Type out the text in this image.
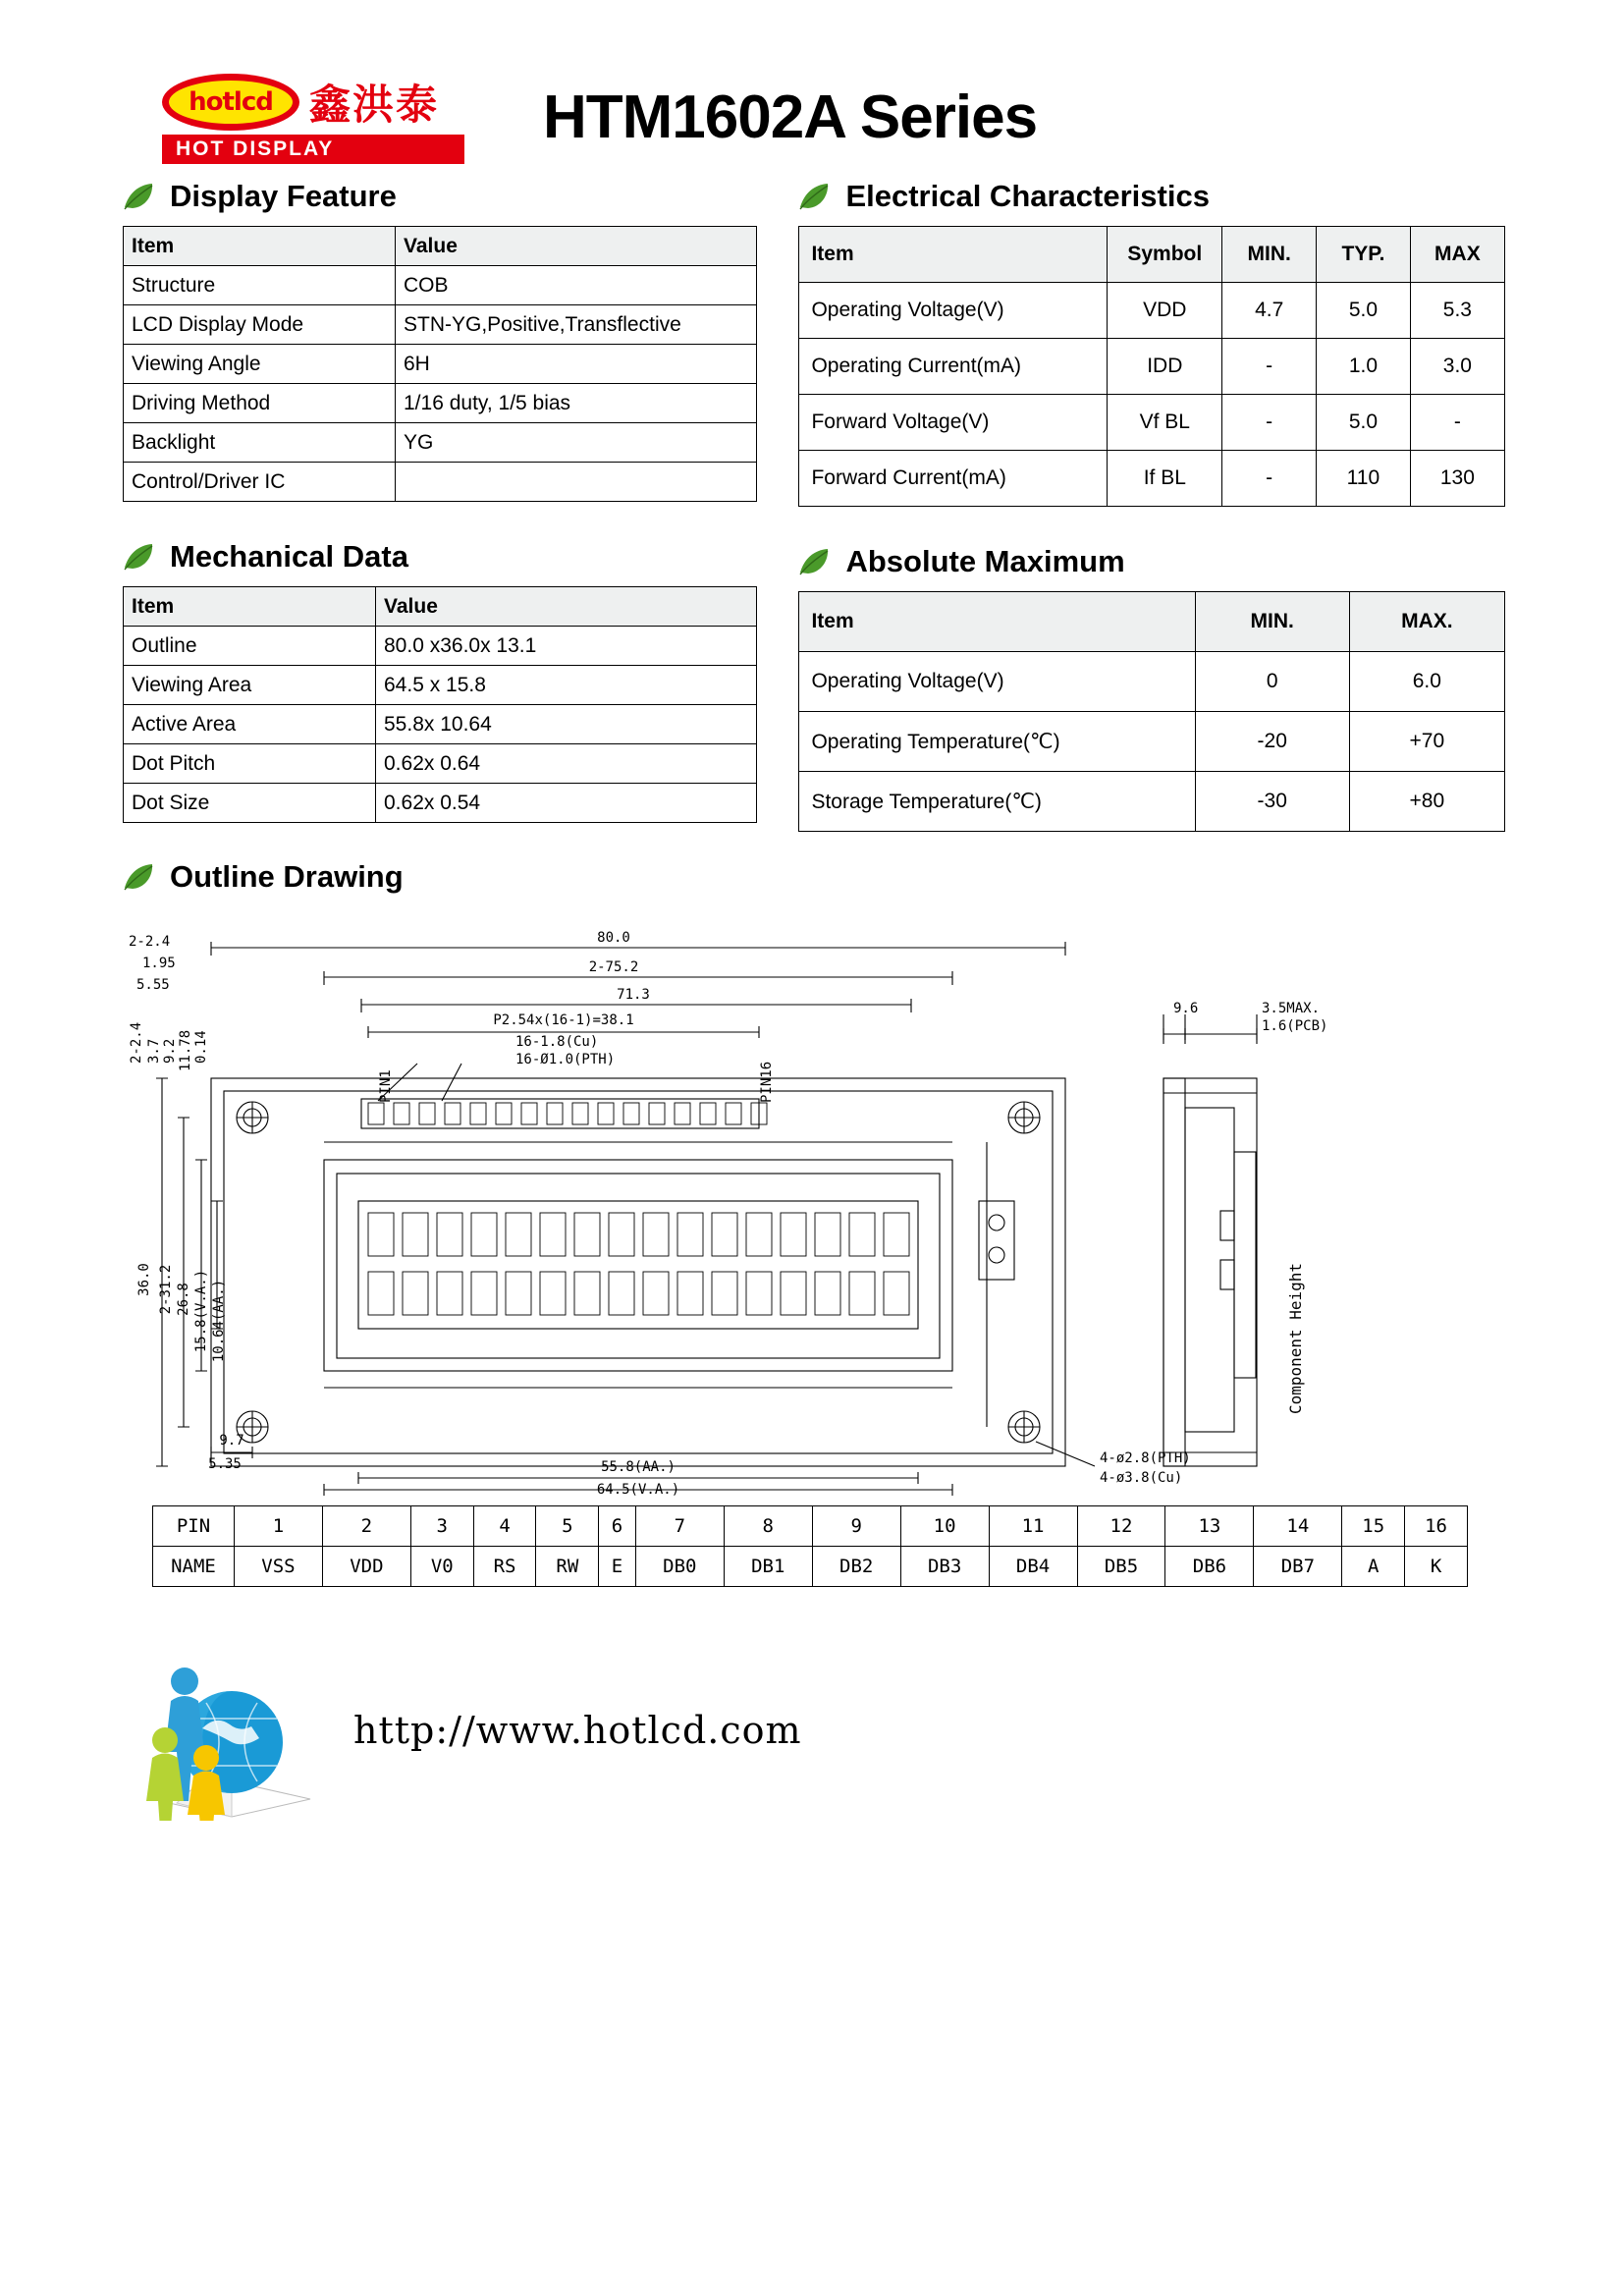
hotlcd 鑫洪泰
HOT DISPLAY	HTM1602A Series
Display Feature
Item	Value
Structure	COB
LCD Display Mode	STN-YG,Positive,Transflective
Viewing Angle	6H
Driving Method	1/16 duty, 1/5 bias
Backlight	YG
Control/Driver IC	
Mechanical Data
Item	Value
Outline	80.0 x36.0x 13.1
Viewing Area	64.5 x 15.8
Active Area	55.8x 10.64
Dot Pitch	0.62x 0.64
Dot Size	0.62x 0.54
Electrical Characteristics
Item	Symbol	MIN.	TYP.	MAX
Operating Voltage(V)	VDD	4.7	5.0	5.3
Operating Current(mA)	IDD	-	1.0	3.0
Forward Voltage(V)	Vf BL	-	5.0	-
Forward Current(mA)	If BL	-	110	130
Absolute Maximum
Item	MIN.	MAX.
Operating Voltage(V)	0	6.0
Operating Temperature(℃)	-20	+70
Storage Temperature(℃)	-30	+80
Outline Drawing
80.0
2-75.2
71.3
P2.54x(16-1)=38.1
16-1.8(Cu)
16-Ø1.0(PTH)
2-2.4
1.95
5.55
2-2.4 3.7 9.2 11.78 0.14
36.0 2-31.2 26.8 15.8(V.A.) 10.64(AA.)
PIN1	PIN16
9.7
5.35	55.8(AA.)
64.5(V.A.)
4-ø2.8(PTH)
4-ø3.8(Cu)
9.6	3.5MAX.
1.6(PCB)
Component Height
PIN	1	2	3	4	5	6	7	8	9	10	11	12	13	14	15	16
NAME	VSS	VDD	V0	RS	RW	E	DB0	DB1	DB2	DB3	DB4	DB5	DB6	DB7	A	K
http://www.hotlcd.com
